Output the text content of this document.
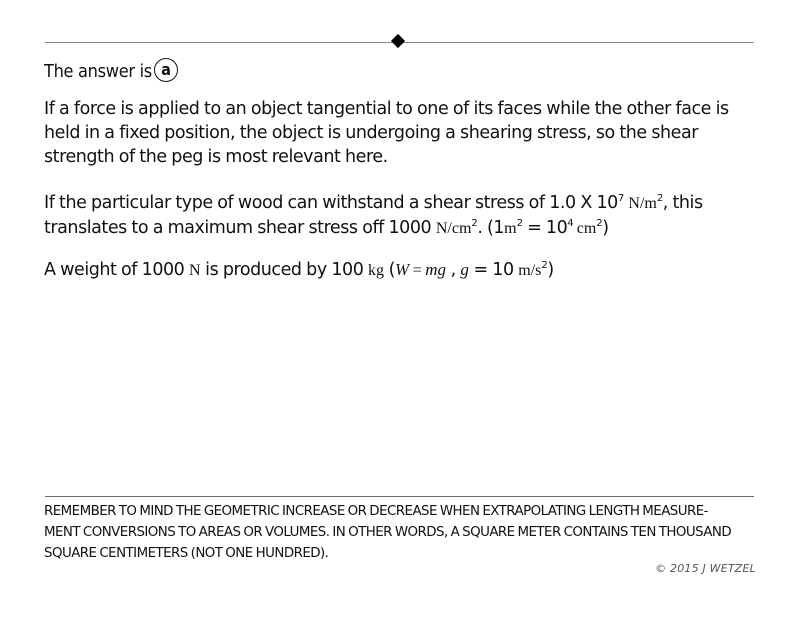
The answer is a
If a force is applied to an object tangential to one of its faces while the other face is held in a fixed position, the object is undergoing a shearing stress, so the shear strength of the peg is most relevant here.
If the particular type of wood can withstand a shear stress of 1.0 X $10^7$ $N/m^2$, this translates to a maximum shear stress off 1000 $N/cm^2$. ($1m^2 = 10^4$ $cm^2$)
A weight of 1000 N is produced by 100 kg (W = mg , g = 10 $m/s^2$)
REMEMBER TO MIND THE GEOMETRIC INCREASE OR DECREASE WHEN EXTRAPOLATING LENGTH MEASURE-
MENT CONVERSIONS TO AREAS OR VOLUMES. IN OTHER WORDS, A SQUARE METER CONTAINS TEN THOUSAND
SQUARE CENTIMETERS (NOT ONE HUNDRED).
© 2015 J WETZEL
